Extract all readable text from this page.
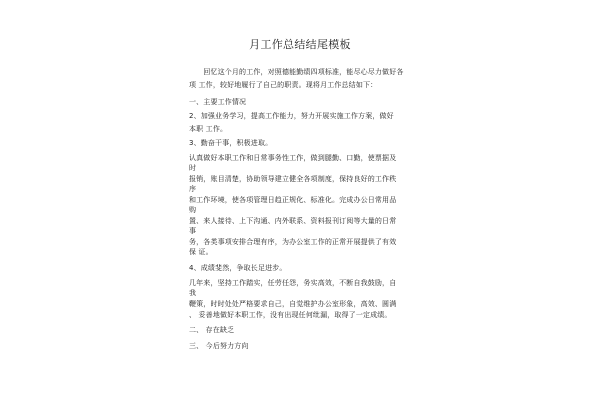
月工作总结结尾模板
　　回忆这个月的工作，对照德能勤绩四项标准，能尽心尽力做好各
项 工作，较好地履行了自己的职责。现将月工作总结如下：
一、主要工作情况
2、加强业务学习，提高工作能力，努力开展实施工作方案，做好
本职 工作。
3、勤奋干事，积极进取。
认真做好本职工作和日常事务性工作，做到腿勤、口勤，使票据及
时
报销，账目清楚，协助领导建立健全各项制度，保持良好的工作秩
序
和工作环境，使各项管理日趋正规化、标准化。完成办公日常用品
购
置、来人接待、上下沟通、内外联系、资料报刊订阅等大量的日常
事
务，各类事项安排合理有序，为办公室工作的正常开展提供了有效
保 证。
4、成绩斐然，争取长足进步。
几年来，坚持工作踏实，任劳任怨，务实高效，不断自我鼓励，自
我
鞭策，时时处处严格要求自己，自觉维护办公室形象，高效、圆满
、 妥善地做好本职工作，没有出现任何纰漏，取得了一定成绩。
二、 存在缺乏
三、 今后努力方向
